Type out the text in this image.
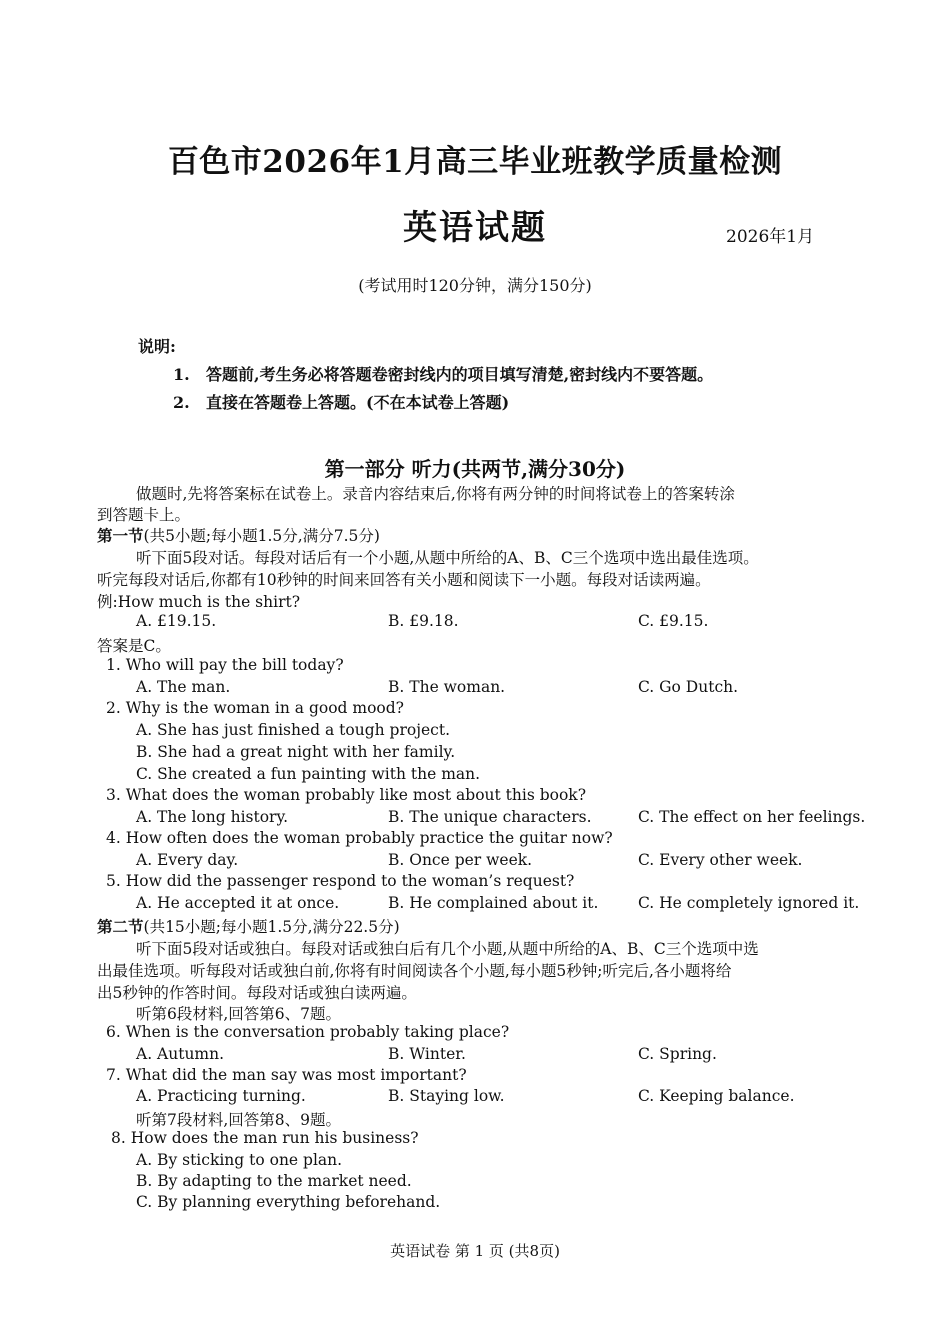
百色市2026年1月高三毕业班教学质量检测
英语试题	2026年1月
(考试用时120分钟，满分150分)
说明:
1. 答题前,考生务必将答题卷密封线内的项目填写清楚,密封线内不要答题。
2. 直接在答题卷上答题。(不在本试卷上答题)
第一部分 听力(共两节,满分30分)
做题时,先将答案标在试卷上。录音内容结束后,你将有两分钟的时间将试卷上的答案转涂
到答题卡上。
第一节(共5小题;每小题1.5分,满分7.5分)
听下面5段对话。每段对话后有一个小题,从题中所给的A、B、C三个选项中选出最佳选项。
听完每段对话后,你都有10秒钟的时间来回答有关小题和阅读下一小题。每段对话读两遍。
例:How much is the shirt?
A. £19.15.	B. £9.18.	C. £9.15.
答案是C。
1. Who will pay the bill today?
A. The man.	B. The woman.	C. Go Dutch.
2. Why is the woman in a good mood?
A. She has just finished a tough project.
B. She had a great night with her family.
C. She created a fun painting with the man.
3. What does the woman probably like most about this book?
A. The long history.	B. The unique characters.	C. The effect on her feelings.
4. How often does the woman probably practice the guitar now?
A. Every day.	B. Once per week.	C. Every other week.
5. How did the passenger respond to the woman’s request?
A. He accepted it at once.	B. He complained about it.	C. He completely ignored it.
第二节(共15小题;每小题1.5分,满分22.5分)
听下面5段对话或独白。每段对话或独白后有几个小题,从题中所给的A、B、C三个选项中选
出最佳选项。听每段对话或独白前,你将有时间阅读各个小题,每小题5秒钟;听完后,各小题将给
出5秒钟的作答时间。每段对话或独白读两遍。
听第6段材料,回答第6、7题。
6. When is the conversation probably taking place?
A. Autumn.	B. Winter.	C. Spring.
7. What did the man say was most important?
A. Practicing turning.	B. Staying low.	C. Keeping balance.
听第7段材料,回答第8、9题。
8. How does the man run his business?
A. By sticking to one plan.
B. By adapting to the market need.
C. By planning everything beforehand.
英语试卷 第 1 页 (共8页)
